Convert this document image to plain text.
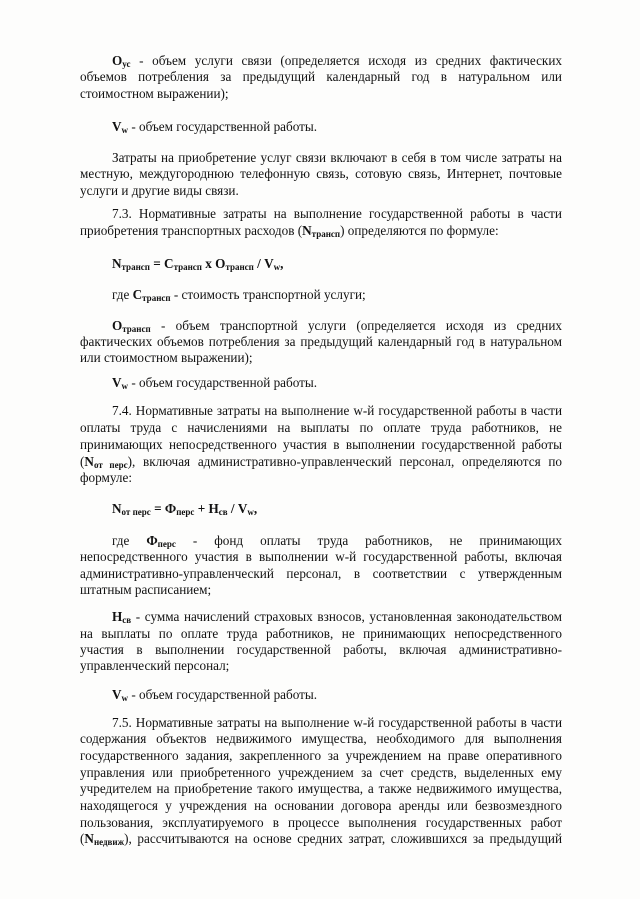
Оус - объем услуги связи (определяется исходя из средних фактических
объемов потребления за предыдущий календарный год в натуральном или
стоимостном выражении);
Vw - объем государственной работы.
Затраты на приобретение услуг связи включают в себя в том числе затраты на
местную, междугороднюю телефонную связь, сотовую связь, Интернет, почтовые
услуги и другие виды связи.
7.3. Нормативные затраты на выполнение государственной работы в части
приобретения транспортных расходов (Nтрансп) определяются по формуле:
Nтрансп = Странсп х Отрансп / Vw,
где Странсп - стоимость транспортной услуги;
Отрансп - объем транспортной услуги (определяется исходя из средних
фактических объемов потребления за предыдущий календарный год в натуральном
или стоимостном выражении);
Vw - объем государственной работы.
7.4. Нормативные затраты на выполнение w-й государственной работы в части
оплаты труда с начислениями на выплаты по оплате труда работников, не
принимающих непосредственного участия в выполнении государственной работы
(Nот перс), включая административно-управленческий персонал, определяются по
формуле:
Nот перс = Фперс + Нсв / Vw,
где Фперс - фонд оплаты труда работников, не принимающих
непосредственного участия в выполнении w-й государственной работы, включая
административно-управленческий персонал, в соответствии с утвержденным
штатным расписанием;
Нсв - сумма начислений страховых взносов, установленная законодательством
на выплаты по оплате труда работников, не принимающих непосредственного
участия в выполнении государственной работы, включая административно-
управленческий персонал;
Vw - объем государственной работы.
7.5. Нормативные затраты на выполнение w-й государственной работы в части
содержания объектов недвижимого имущества, необходимого для выполнения
государственного задания, закрепленного за учреждением на праве оперативного
управления или приобретенного учреждением за счет средств, выделенных ему
учредителем на приобретение такого имущества, а также недвижимого имущества,
находящегося у учреждения на основании договора аренды или безвозмездного
пользования, эксплуатируемого в процессе выполнения государственных работ
(Nнедвиж), рассчитываются на основе средних затрат, сложившихся за предыдущий
